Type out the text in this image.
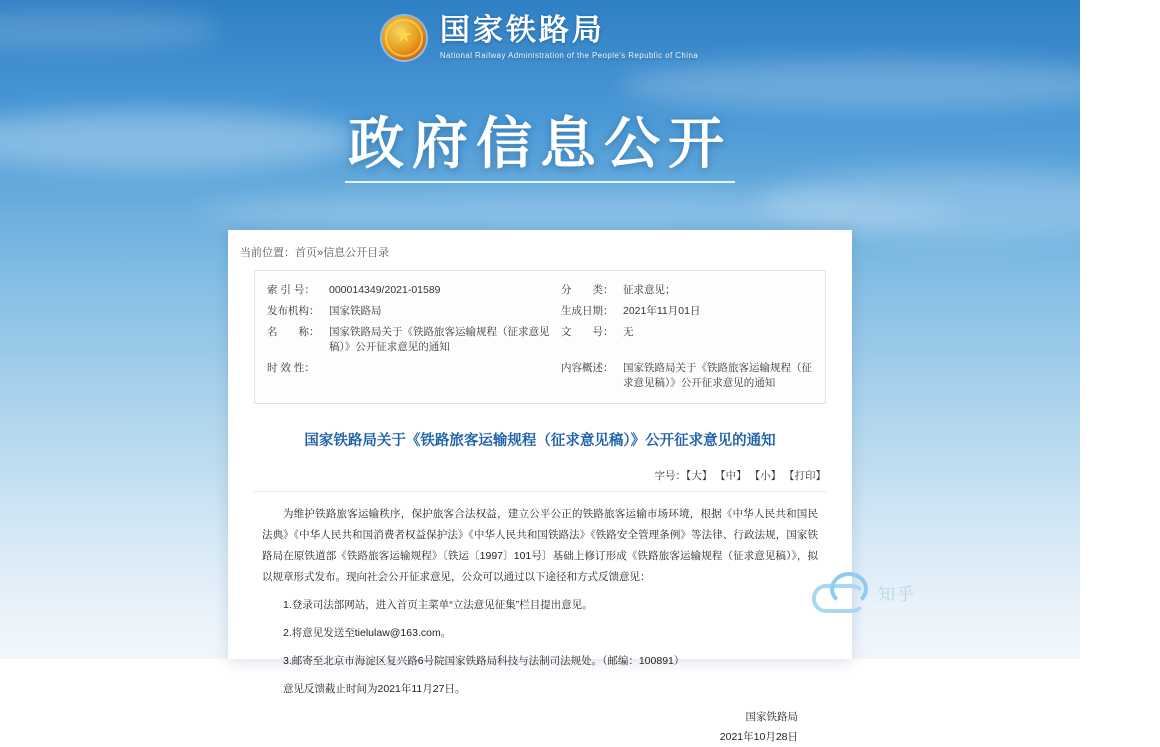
★ 国家铁路局
National Railway Administration of the People's Republic of China
政府信息公开
当前位置：首页»信息公开目录
索 引 号：	000014349/2021-01589	分　　类：	征求意见；
发布机构：	国家铁路局	生成日期：	2021年11月01日
名　　称：	国家铁路局关于《铁路旅客运输规程（征求意见稿）》公开征求意见的通知	文　　号：	无
时 效 性：		内容概述：	国家铁路局关于《铁路旅客运输规程（征求意见稿）》公开征求意见的通知
国家铁路局关于《铁路旅客运输规程（征求意见稿）》公开征求意见的通知
字号：【大】 【中】 【小】 【打印】

为维护铁路旅客运输秩序，保护旅客合法权益，建立公平公正的铁路旅客运输市场环境，根据《中华人民共和国民法典》《中华人民共和国消费者权益保护法》《中华人民共和国铁路法》《铁路安全管理条例》等法律、行政法规，国家铁路局在原铁道部《铁路旅客运输规程》〔铁运〔1997〕101号〕基础上修订形成《铁路旅客运输规程（征求意见稿）》，拟以规章形式发布。现向社会公开征求意见，公众可以通过以下途径和方式反馈意见：

1.登录司法部网站，进入首页主菜单“立法意见征集”栏目提出意见。

2.将意见发送至tielulaw@163.com。

3.邮寄至北京市海淀区复兴路6号院国家铁路局科技与法制司法规处。（邮编：100891）

意见反馈截止时间为2021年11月27日。

国家铁路局
2021年10月28日
知乎
